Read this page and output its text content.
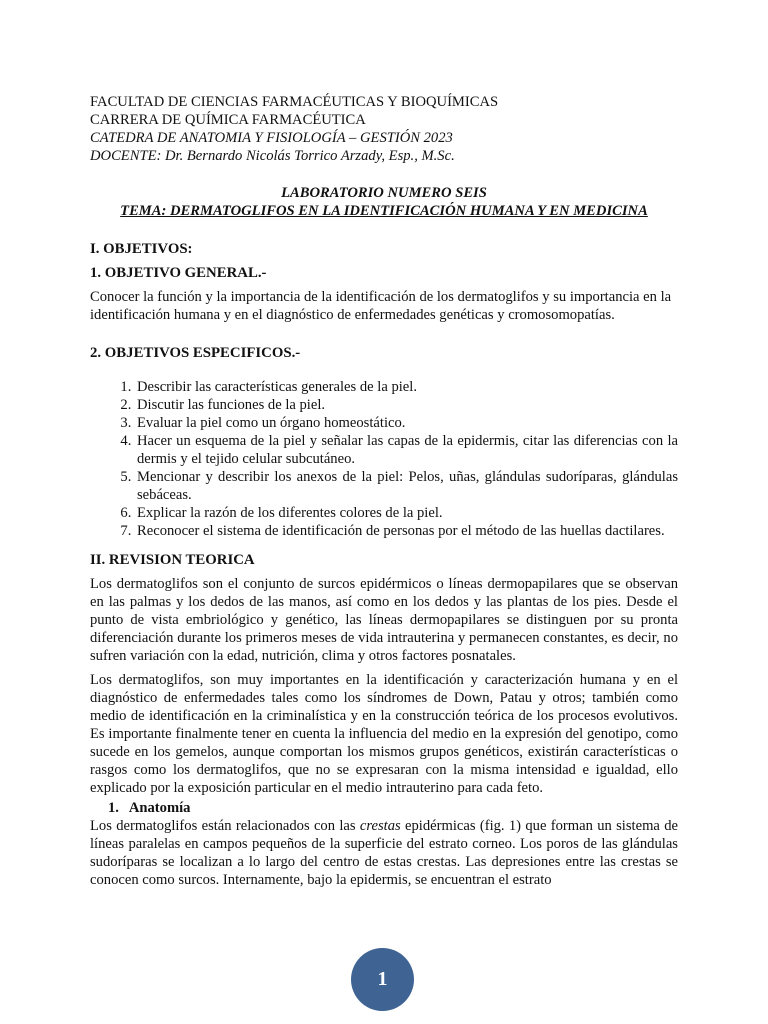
FACULTAD DE CIENCIAS FARMACÉUTICAS Y BIOQUÍMICAS
CARRERA DE QUÍMICA FARMACÉUTICA
CATEDRA DE ANATOMIA Y FISIOLOGÍA – GESTIÓN 2023
DOCENTE: Dr. Bernardo Nicolás Torrico Arzady, Esp., M.Sc.
LABORATORIO NUMERO SEIS
TEMA: DERMATOGLIFOS EN LA IDENTIFICACIÓN HUMANA Y EN MEDICINA
I. OBJETIVOS:
1. OBJETIVO GENERAL.-

Conocer la función y la importancia de la identificación de los dermatoglifos y su importancia en la identificación humana y en el diagnóstico de enfermedades genéticas y cromosomopatías.

2. OBJETIVOS ESPECIFICOS.-
1. Describir las características generales de la piel.
2. Discutir las funciones de la piel.
3. Evaluar la piel como un órgano homeostático.
4. Hacer un esquema de la piel y señalar las capas de la epidermis, citar las diferencias con la dermis y el tejido celular subcutáneo.
5. Mencionar y describir los anexos de la piel: Pelos, uñas, glándulas sudoríparas, glándulas sebáceas.
6. Explicar la razón de los diferentes colores de la piel.
7. Reconocer el sistema de identificación de personas por el método de las huellas dactilares.
II. REVISION TEORICA

Los dermatoglifos son el conjunto de surcos epidérmicos o líneas dermopapilares que se observan en las palmas y los dedos de las manos, así como en los dedos y las plantas de los pies. Desde el punto de vista embriológico y genético, las líneas dermopapilares se distinguen por su pronta diferenciación durante los primeros meses de vida intrauterina y permanecen constantes, es decir, no sufren variación con la edad, nutrición, clima y otros factores posnatales.

Los dermatoglifos, son muy importantes en la identificación y caracterización humana y en el diagnóstico de enfermedades tales como los síndromes de Down, Patau y otros; también como medio de identificación en la criminalística y en la construcción teórica de los procesos evolutivos. Es importante finalmente tener en cuenta la influencia del medio en la expresión del genotipo, como sucede en los gemelos, aunque comportan los mismos grupos genéticos, existirán características o rasgos como los dermatoglifos, que no se expresaran con la misma intensidad e igualdad, ello explicado por la exposición particular en el medio intrauterino para cada feto.

1. Anatomía

Los dermatoglifos están relacionados con las crestas epidérmicas (fig. 1) que forman un sistema de líneas paralelas en campos pequeños de la superficie del estrato corneo. Los poros de las glándulas sudoríparas se localizan a lo largo del centro de estas crestas. Las depresiones entre las crestas se conocen como surcos. Internamente, bajo la epidermis, se encuentran el estrato

1
